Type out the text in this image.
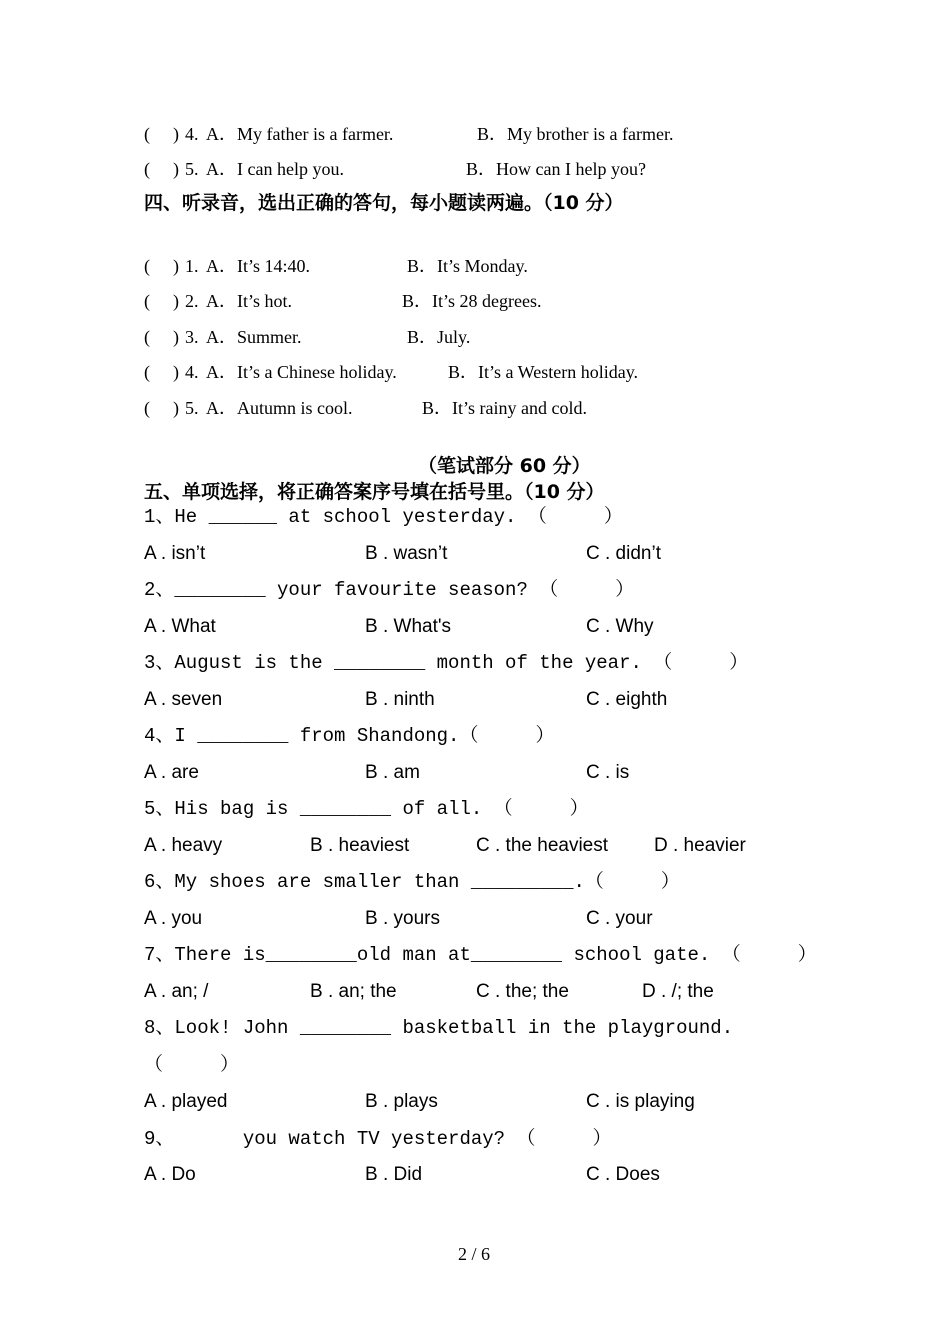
( ) 4. A．My father is a farmer.	B．My brother is a farmer.
( ) 5. A．I can help you.	B．How can I help you?
四、听录音，选出正确的答句，每小题读两遍。（10 分）
( ) 1. A．It’s 14:40.	B．It’s Monday.
( ) 2. A．It’s hot.	B．It’s 28 degrees.
( ) 3. A．Summer.	B．July.
( ) 4. A．It’s a Chinese holiday.	B．It’s a Western holiday.
( ) 5. A．Autumn is cool.	B．It’s rainy and cold.
（笔试部分 60 分）
五、单项选择，将正确答案序号填在括号里。（10 分）
1、He ______ at school yesterday. （     ）
A . isn’t	B . wasn’t	C . didn’t
2、________ your favourite season? （     ）
A . What	B . What's	C . Why
3、August is the ________ month of the year. （     ）
A . seven	B . ninth	C . eighth
4、I ________ from Shandong.（     ）
A . are	B . am	C . is
5、His bag is ________ of all. （     ）
A . heavy	B . heaviest	C . the heaviest D . heavier
6、My shoes are smaller than _________.（     ）
A . you	B . yours	C . your
7、There is________old man at________ school gate. （     ）
A . an; /	B . an; the	C . the; the	D . /; the
8、Look! John ________ basketball in the playground.
（     ）
A . played	B . plays	C . is playing
9、      you watch TV yesterday? （     ）
A . Do	B . Did	C . Does
2 / 6
